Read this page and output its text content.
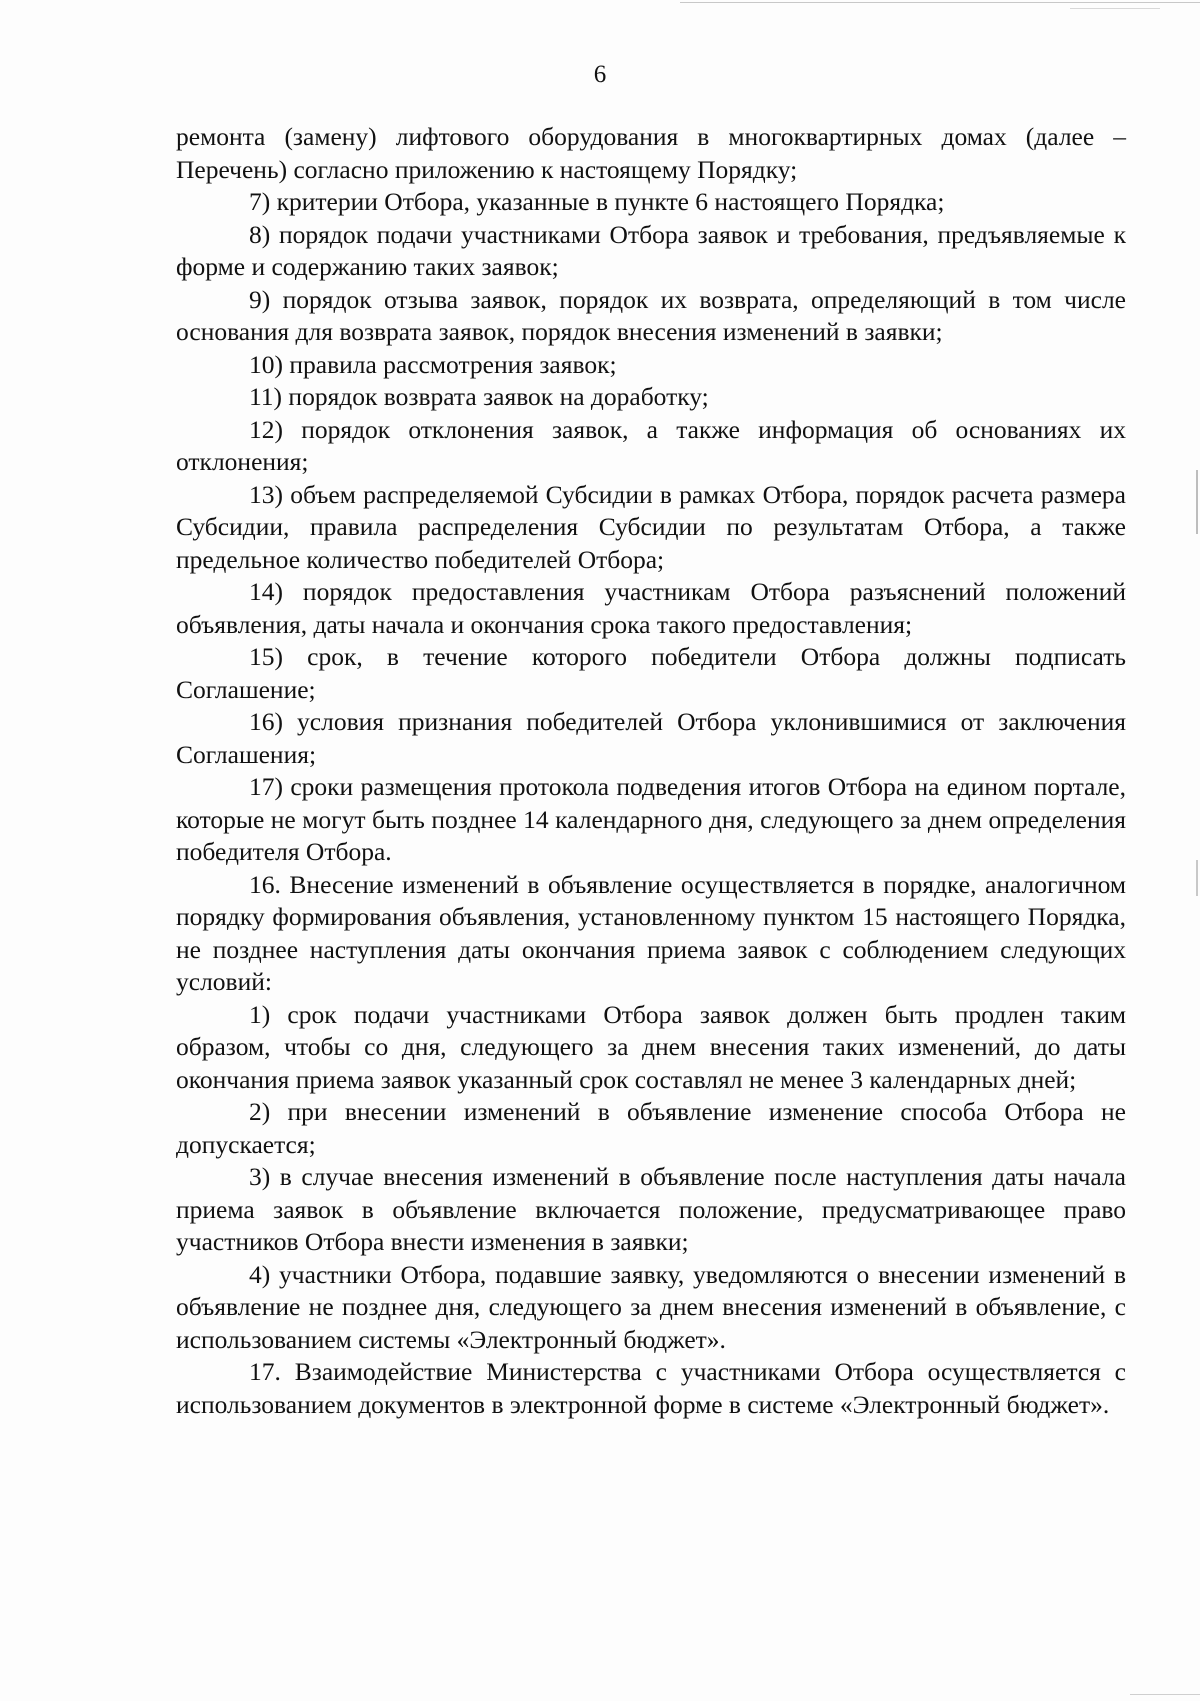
6

ремонта (замену) лифтового оборудования в многоквартирных домах (далее – Перечень) согласно приложению к настоящему Порядку;

7) критерии Отбора, указанные в пункте 6 настоящего Порядка;

8) порядок подачи участниками Отбора заявок и требования, предъявляемые к форме и содержанию таких заявок;

9) порядок отзыва заявок, порядок их возврата, определяющий в том числе основания для возврата заявок, порядок внесения изменений в заявки;

10) правила рассмотрения заявок;

11) порядок возврата заявок на доработку;

12) порядок отклонения заявок, а также информация об основаниях их отклонения;

13) объем распределяемой Субсидии в рамках Отбора, порядок расчета размера Субсидии, правила распределения Субсидии по результатам Отбора, а также предельное количество победителей Отбора;

14) порядок предоставления участникам Отбора разъяснений положений объявления, даты начала и окончания срока такого предоставления;

15) срок, в течение которого победители Отбора должны подписать Соглашение;

16) условия признания победителей Отбора уклонившимися от заключения Соглашения;

17) сроки размещения протокола подведения итогов Отбора на едином портале, которые не могут быть позднее 14 календарного дня, следующего за днем определения победителя Отбора.

16. Внесение изменений в объявление осуществляется в порядке, аналогичном порядку формирования объявления, установленному пунктом 15 настоящего Порядка, не позднее наступления даты окончания приема заявок с соблюдением следующих условий:

1) срок подачи участниками Отбора заявок должен быть продлен таким образом, чтобы со дня, следующего за днем внесения таких изменений, до даты окончания приема заявок указанный срок составлял не менее 3 календарных дней;

2) при внесении изменений в объявление изменение способа Отбора не допускается;

3) в случае внесения изменений в объявление после наступления даты начала приема заявок в объявление включается положение, предусматривающее право участников Отбора внести изменения в заявки;

4) участники Отбора, подавшие заявку, уведомляются о внесении изменений в объявление не позднее дня, следующего за днем внесения изменений в объявление, с использованием системы «Электронный бюджет».

17. Взаимодействие Министерства с участниками Отбора осуществляется с использованием документов в электронной форме в системе «Электронный бюджет».
